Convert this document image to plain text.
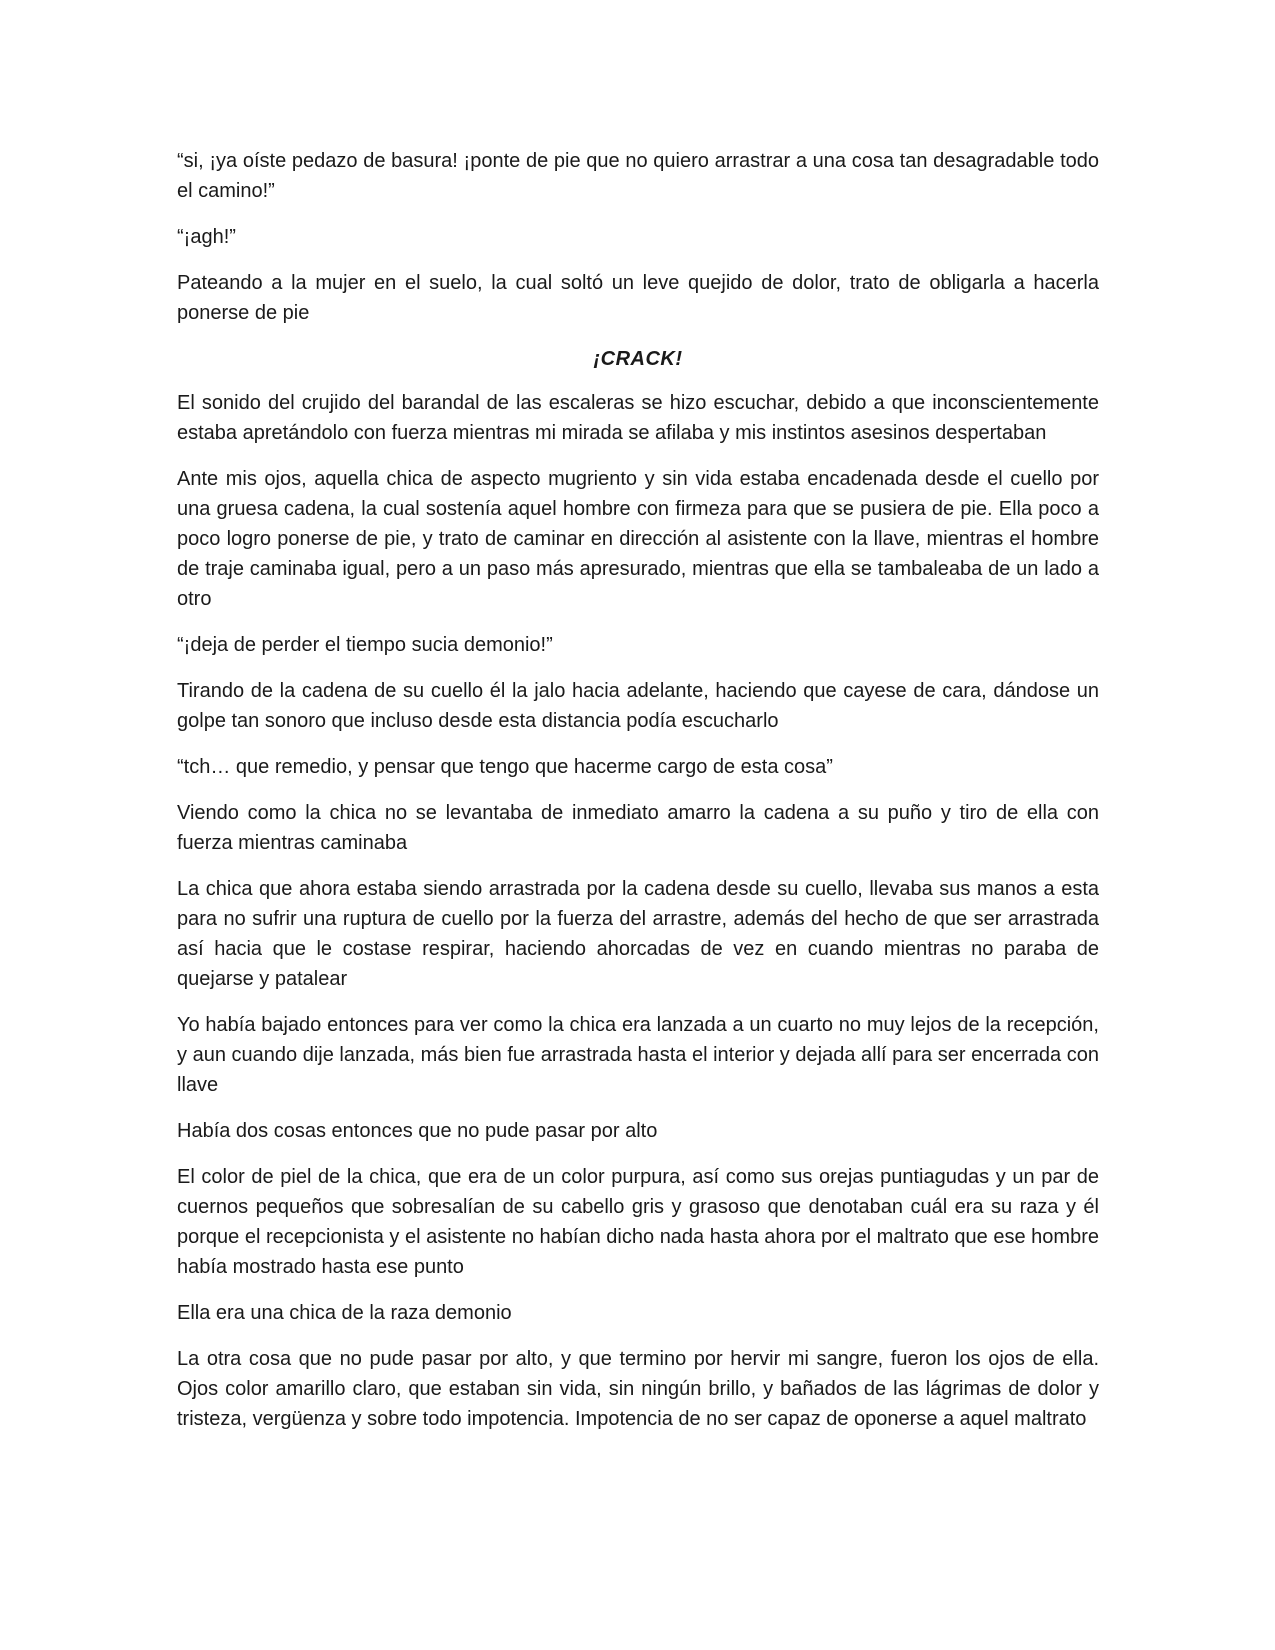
“si, ¡ya oíste pedazo de basura! ¡ponte de pie que no quiero arrastrar a una cosa tan desagradable todo el camino!”

“¡agh!”

Pateando a la mujer en el suelo, la cual soltó un leve quejido de dolor, trato de obligarla a hacerla ponerse de pie

¡CRACK!

El sonido del crujido del barandal de las escaleras se hizo escuchar, debido a que inconscientemente estaba apretándolo con fuerza mientras mi mirada se afilaba y mis instintos asesinos despertaban

Ante mis ojos, aquella chica de aspecto mugriento y sin vida estaba encadenada desde el cuello por una gruesa cadena, la cual sostenía aquel hombre con firmeza para que se pusiera de pie. Ella poco a poco logro ponerse de pie, y trato de caminar en dirección al asistente con la llave, mientras el hombre de traje caminaba igual, pero a un paso más apresurado, mientras que ella se tambaleaba de un lado a otro

“¡deja de perder el tiempo sucia demonio!”

Tirando de la cadena de su cuello él la jalo hacia adelante, haciendo que cayese de cara, dándose un golpe tan sonoro que incluso desde esta distancia podía escucharlo

“tch… que remedio, y pensar que tengo que hacerme cargo de esta cosa”

Viendo como la chica no se levantaba de inmediato amarro la cadena a su puño y tiro de ella con fuerza mientras caminaba

La chica que ahora estaba siendo arrastrada por la cadena desde su cuello, llevaba sus manos a esta para no sufrir una ruptura de cuello por la fuerza del arrastre, además del hecho de que ser arrastrada así hacia que le costase respirar, haciendo ahorcadas de vez en cuando mientras no paraba de quejarse y patalear

Yo había bajado entonces para ver como la chica era lanzada a un cuarto no muy lejos de la recepción, y aun cuando dije lanzada, más bien fue arrastrada hasta el interior y dejada allí para ser encerrada con llave

Había dos cosas entonces que no pude pasar por alto

El color de piel de la chica, que era de un color purpura, así como sus orejas puntiagudas y un par de cuernos pequeños que sobresalían de su cabello gris y grasoso que denotaban cuál era su raza y él porque el recepcionista y el asistente no habían dicho nada hasta ahora por el maltrato que ese hombre había mostrado hasta ese punto

Ella era una chica de la raza demonio

La otra cosa que no pude pasar por alto, y que termino por hervir mi sangre, fueron los ojos de ella. Ojos color amarillo claro, que estaban sin vida, sin ningún brillo, y bañados de las lágrimas de dolor y tristeza, vergüenza y sobre todo impotencia. Impotencia de no ser capaz de oponerse a aquel maltrato
